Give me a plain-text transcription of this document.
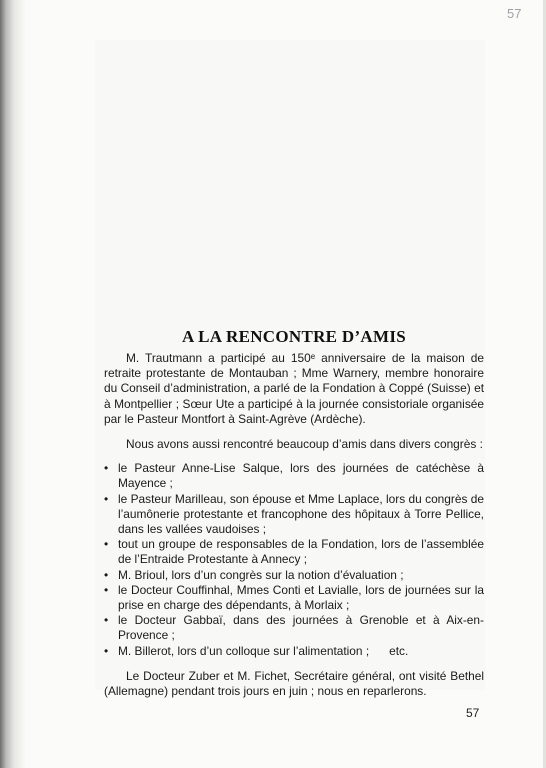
57
A LA RENCONTRE D’AMIS

M. Trautmann a participé au 150ᵉ anniversaire de la maison de retraite protestante de Montauban ; Mme Warnery, membre honoraire du Conseil d’administration, a parlé de la Fondation à Coppé (Suisse) et à Montpellier ; Sœur Ute a participé à la journée consistoriale organisée par le Pasteur Montfort à Saint-Agrève (Ardèche).

Nous avons aussi rencontré beaucoup d’amis dans divers congrès :

• le Pasteur Anne-Lise Salque, lors des journées de catéchèse à Mayence ;
• le Pasteur Marilleau, son épouse et Mme Laplace, lors du congrès de l’aumônerie protestante et francophone des hôpitaux à Torre Pellice, dans les vallées vaudoises ;
• tout un groupe de responsables de la Fondation, lors de l’assemblée de l’Entraide Protestante à Annecy ;
• M. Brioul, lors d’un congrès sur la notion d’évaluation ;
• le Docteur Couffinhal, Mmes Conti et Lavialle, lors de journées sur la prise en charge des dépendants, à Morlaix ;
• le Docteur Gabbaï, dans des journées à Grenoble et à Aix-en-Provence ;
• M. Billerot, lors d’un colloque sur l’alimentation ; etc.

Le Docteur Zuber et M. Fichet, Secrétaire général, ont visité Bethel (Allemagne) pendant trois jours en juin ; nous en reparlerons.

57
